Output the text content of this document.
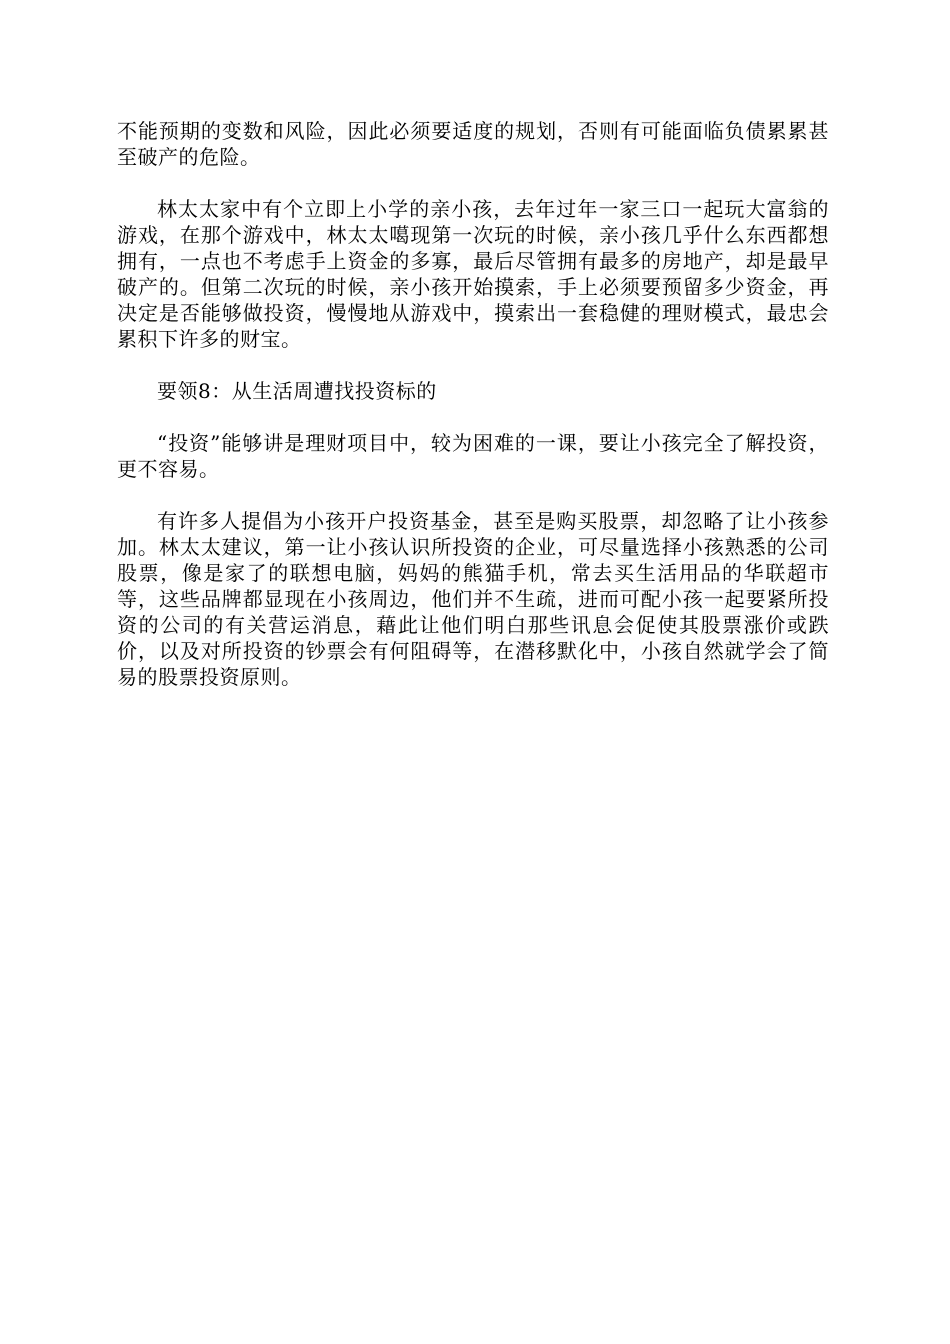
不能预期的变数和风险，因此必须要适度的规划，否则有可能面临负债累累甚至破产的危险。

林太太家中有个立即上小学的亲小孩，去年过年一家三口一起玩大富翁的游戏，在那个游戏中，林太太噶现第一次玩的时候，亲小孩几乎什么东西都想拥有，一点也不考虑手上资金的多寡，最后尽管拥有最多的房地产，却是最早破产的。但第二次玩的时候，亲小孩开始摸索，手上必须要预留多少资金，再决定是否能够做投资，慢慢地从游戏中，摸索出一套稳健的理财模式，最忠会累积下许多的财宝。

要领8：从生活周遭找投资标的

“投资”能够讲是理财项目中，较为困难的一课，要让小孩完全了解投资，更不容易。

有许多人提倡为小孩开户投资基金，甚至是购买股票，却忽略了让小孩参加。林太太建议，第一让小孩认识所投资的企业，可尽量选择小孩熟悉的公司股票，像是家了的联想电脑，妈妈的熊猫手机，常去买生活用品的华联超市等，这些品牌都显现在小孩周边，他们并不生疏，进而可配小孩一起要紧所投资的公司的有关营运消息，藉此让他们明白那些讯息会促使其股票涨价或跌价，以及对所投资的钞票会有何阻碍等，在潜移默化中，小孩自然就学会了简易的股票投资原则。
